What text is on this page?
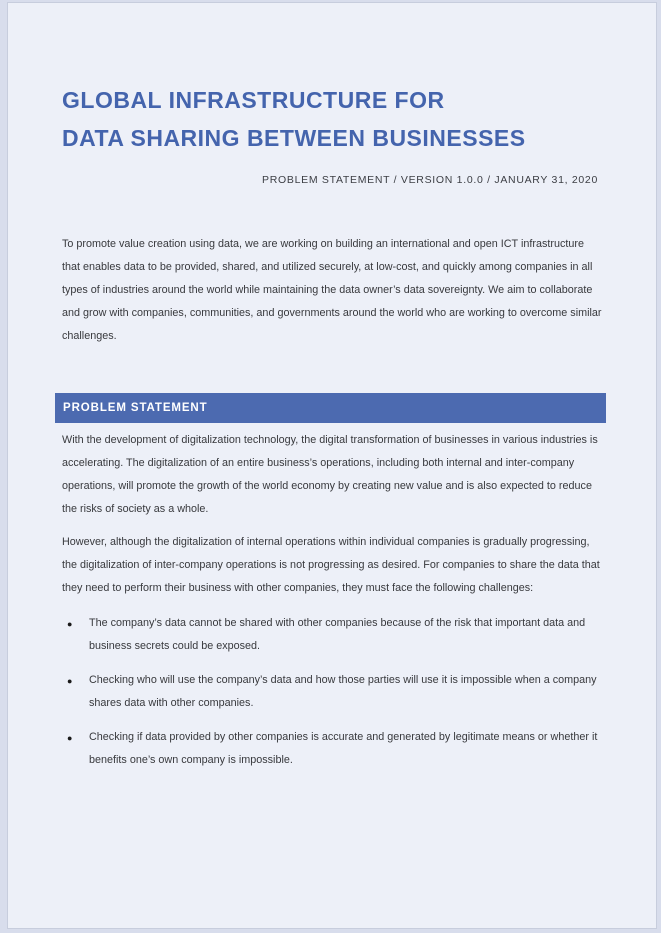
GLOBAL INFRASTRUCTURE FOR
DATA SHARING BETWEEN BUSINESSES
PROBLEM STATEMENT / VERSION 1.0.0 / JANUARY 31, 2020

To promote value creation using data, we are working on building an international and open ICT infrastructure that enables data to be provided, shared, and utilized securely, at low-cost, and quickly among companies in all types of industries around the world while maintaining the data owner’s data sovereignty. We aim to collaborate and grow with companies, communities, and governments around the world who are working to overcome similar challenges.

PROBLEM STATEMENT

With the development of digitalization technology, the digital transformation of businesses in various industries is accelerating. The digitalization of an entire business’s operations, including both internal and inter-company operations, will promote the growth of the world economy by creating new value and is also expected to reduce the risks of society as a whole.

However, although the digitalization of internal operations within individual companies is gradually progressing, the digitalization of inter-company operations is not progressing as desired. For companies to share the data that they need to perform their business with other companies, they must face the following challenges:

● The company’s data cannot be shared with other companies because of the risk that important data and business secrets could be exposed.
● Checking who will use the company’s data and how those parties will use it is impossible when a company shares data with other companies.
● Checking if data provided by other companies is accurate and generated by legitimate means or whether it benefits one’s own company is impossible.
